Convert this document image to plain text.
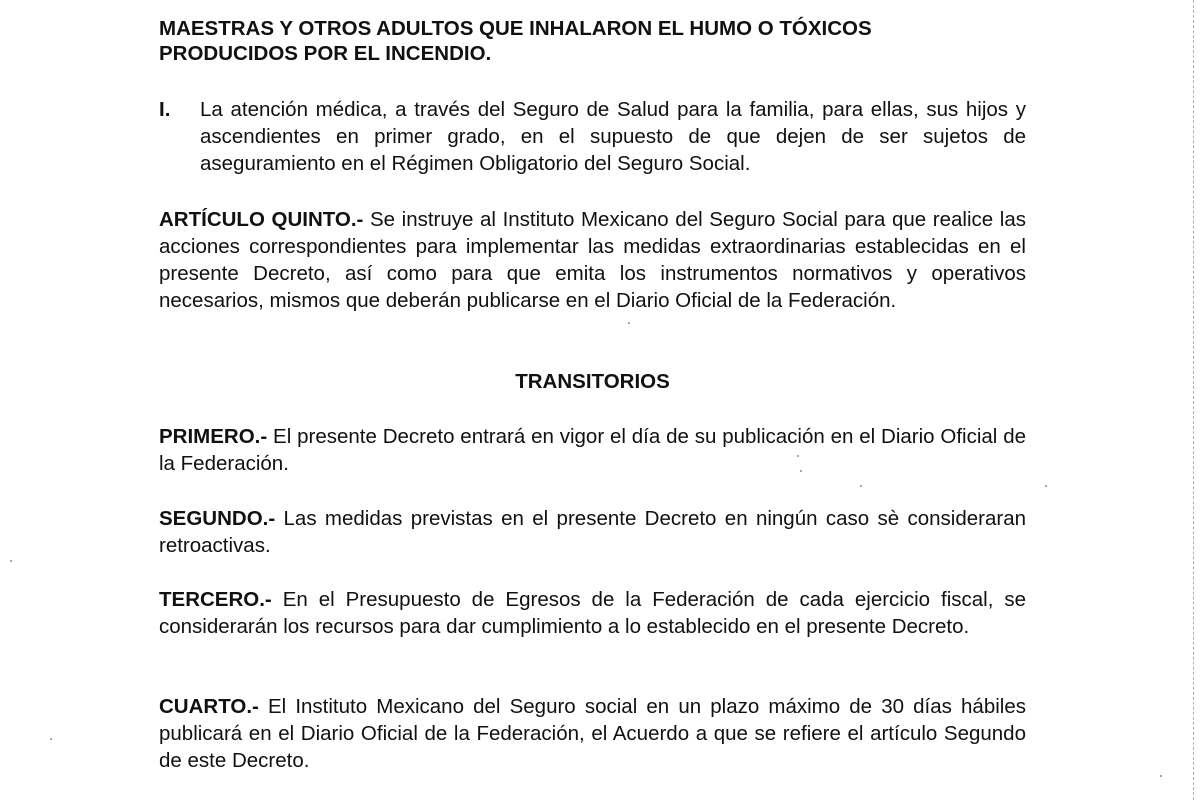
MAESTRAS Y OTROS ADULTOS QUE INHALARON EL HUMO O TÓXICOS
PRODUCIDOS POR EL INCENDIO.
I. La atención médica, a través del Seguro de Salud para la familia, para ellas, sus hijos y ascendientes en primer grado, en el supuesto de que dejen de ser sujetos de aseguramiento en el Régimen Obligatorio del Seguro Social.
ARTÍCULO QUINTO.- Se instruye al Instituto Mexicano del Seguro Social para que realice las acciones correspondientes para implementar las medidas extraordinarias establecidas en el presente Decreto, así como para que emita los instrumentos normativos y operativos necesarios, mismos que deberán publicarse en el Diario Oficial de la Federación.
TRANSITORIOS
PRIMERO.- El presente Decreto entrará en vigor el día de su publicación en el Diario Oficial de la Federación.
SEGUNDO.- Las medidas previstas en el presente Decreto en ningún caso sè consideraran retroactivas.
TERCERO.- En el Presupuesto de Egresos de la Federación de cada ejercicio fiscal, se considerarán los recursos para dar cumplimiento a lo establecido en el presente Decreto.
CUARTO.- El Instituto Mexicano del Seguro social en un plazo máximo de 30 días hábiles publicará en el Diario Oficial de la Federación, el Acuerdo a que se refiere el artículo Segundo de este Decreto.
